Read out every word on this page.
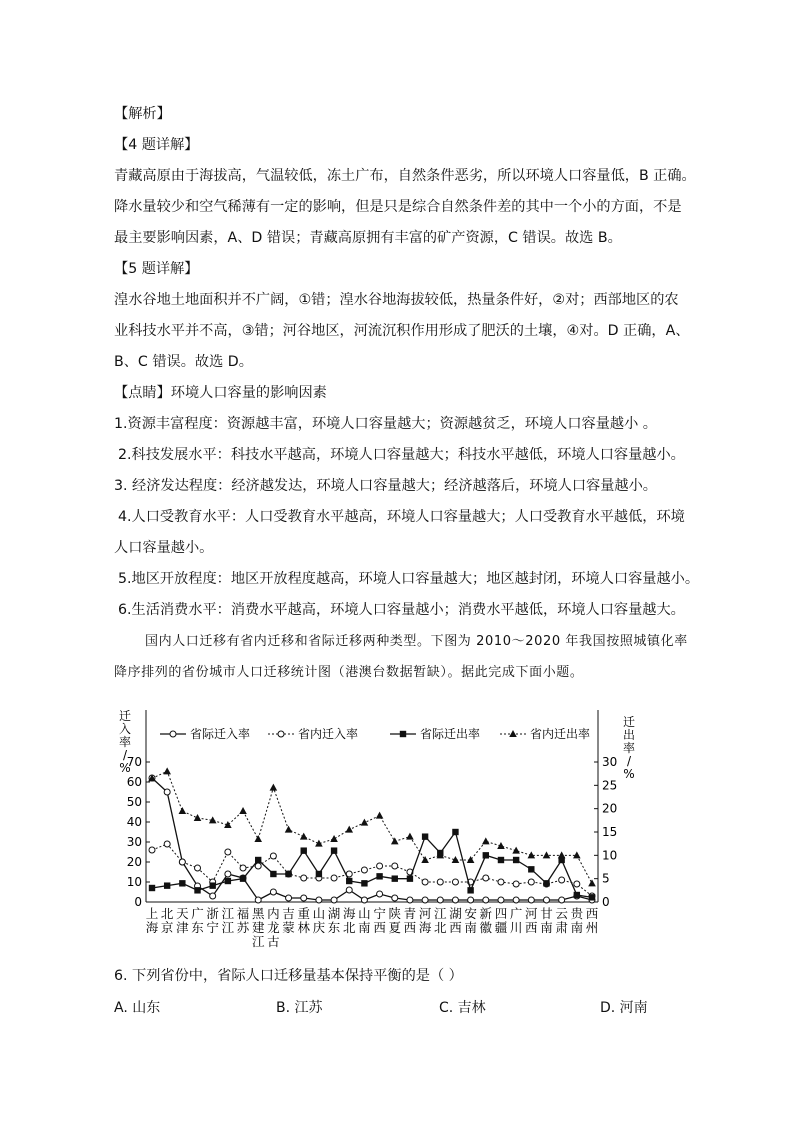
【解析】
【4 题详解】
青藏高原由于海拔高，气温较低，冻土广布，自然条件恶劣，所以环境人口容量低，B 正确。
降水量较少和空气稀薄有一定的影响，但是只是综合自然条件差的其中一个小的方面，不是
最主要影响因素，A、D 错误；青藏高原拥有丰富的矿产资源，C 错误。故选 B。
【5 题详解】
湟水谷地土地面积并不广阔，①错；湟水谷地海拔较低，热量条件好，②对；西部地区的农
业科技水平并不高，③错；河谷地区，河流沉积作用形成了肥沃的土壤，④对。D 正确，A、
B、C 错误。故选 D。
【点睛】环境人口容量的影响因素
1.资源丰富程度：资源越丰富，环境人口容量越大；资源越贫乏，环境人口容量越小 。
2.科技发展水平：科技水平越高，环境人口容量越大；科技水平越低，环境人口容量越小。
3. 经济发达程度：经济越发达，环境人口容量越大；经济越落后，环境人口容量越小。
4.人口受教育水平：人口受教育水平越高，环境人口容量越大；人口受教育水平越低，环境
人口容量越小。
5.地区开放程度：地区开放程度越高，环境人口容量越大；地区越封闭，环境人口容量越小。
6.生活消费水平：消费水平越高，环境人口容量越小；消费水平越低，环境人口容量越大。
国内人口迁移有省内迁移和省际迁移两种类型。下图为 2010～2020 年我国按照城镇化率
降序排列的省份城市人口迁移统计图（港澳台数据暂缺）。据此完成下面小题。
0
10
20
30
40
50
60
70
0
5
10
15
20
25
30
迁
入
率
/
%
迁
出
率
/
%
上 北 天 广 浙 江 福 黑 内 吉 重 山 湖 海 山 宁 陕 青 河 江 湖 安 新 四 广 河 甘 云 贵 西
海 京 津 东 宁 江 苏 建 龙 蒙 林 庆 东 北 南 西 夏 西 海 北 西 南 徽 疆 川 西 南 肃 南 州
江 古
省际迁入率	省内迁入率	省际迁出率	省内迁出率
6. 下列省份中，省际人口迁移量基本保持平衡的是（ ）
A. 山东	B. 江苏	C. 吉林	D. 河南
